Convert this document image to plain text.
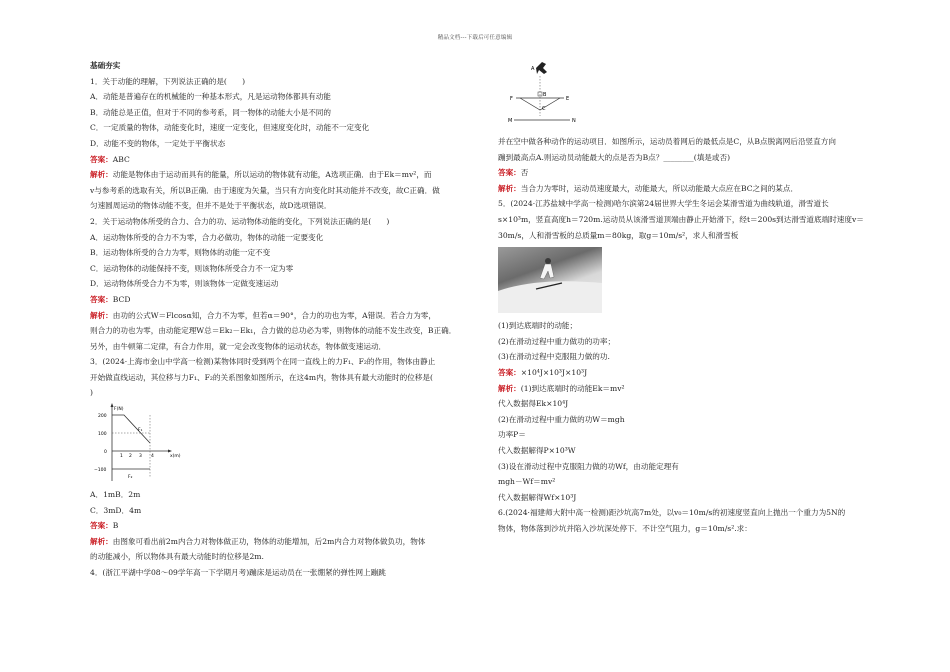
精品文档---下载后可任意编辑

基础夯实

1．关于动能的理解，下列说法正确的是(　　)

A．动能是普遍存在的机械能的一种基本形式，凡是运动物体都具有动能

B．动能总是正值，但对于不同的参考系，同一物体的动能大小是不同的

C．一定质量的物体，动能变化时，速度一定变化，但速度变化时，动能不一定变化

D．动能不变的物体，一定处于平衡状态

答案：ABC

解析：动能是物体由于运动而具有的能量，所以运动的物体就有动能，A选项正确．由于Ek＝mv²，而

v与参考系的选取有关，所以B正确．由于速度为矢量，当只有方向变化时其动能并不改变，故C正确．做

匀速圆周运动的物体动能不变，但并不是处于平衡状态，故D选项错误．

2．关于运动物体所受的合力、合力的功、运动物体动能的变化，下列说法正确的是(　　)

A．运动物体所受的合力不为零，合力必做功，物体的动能一定要变化

B．运动物体所受的合力为零，则物体的动能一定不变

C．运动物体的动能保持不变，则该物体所受合力不一定为零

D．运动物体所受合力不为零，则该物体一定做变速运动

答案：BCD

解析：由功的公式W＝Flcosα知，合力不为零，但若α＝90°，合力的功也为零，A错误．若合力为零，

则合力的功也为零，由动能定理W总＝Ek₂－Ek₁，合力做的总功必为零，则物体的动能不发生改变，B正确．

另外，由牛顿第二定律，有合力作用，就一定会改变物体的运动状态，物体做变速运动．

3．(2024·上海市金山中学高一检测)某物体同时受到两个在同一直线上的力F₁、F₂的作用，物体由静止

开始做直线运动，其位移与力F₁、F₂的关系图象如图所示，在这4m内，物体具有最大动能时的位移是(

)

F(N)
x(m)
200
100
0
−100
1 2 3 4
F₁
F₂

A．1mB．2m

C．3mD．4m

答案：B

解析：由图象可看出前2m内合力对物体做正功，物体的动能增加，后2m内合力对物体做负功，物体

的动能减小，所以物体具有最大动能时的位移是2m.

4．(浙江平湖中学08～09学年高一下学期月考)蹦床是运动员在一张绷紧的弹性网上蹦跳

A
B
C
E
F
M	N

并在空中做各种动作的运动项目．如图所示，运动员着网后的最低点是C，从B点脱离网后沿竖直方向

蹦到最高点A.则运动员动能最大的点是否为B点？________(填是或否)

答案：否

解析：当合力为零时，运动员速度最大，动能最大，所以动能最大点应在BC之间的某点．

5．(2024·江苏盐城中学高一检测)哈尔滨第24届世界大学生冬运会某滑雪道为曲线轨道，滑雪道长

s×10³m，竖直高度h＝720m.运动员从该滑雪道顶端由静止开始滑下，经t＝200s到达滑雪道底端时速度v＝

30m/s，人和滑雪板的总质量m＝80kg，取g＝10m/s²，求人和滑雪板

(1)到达底端时的动能；

(2)在滑动过程中重力做功的功率；

(3)在滑动过程中克服阻力做的功.

答案：×10⁴J×10³J×10³J

解析：(1)到达底端时的动能Ek＝mv²

代入数据得Ek×10⁴J

(2)在滑动过程中重力做的功W＝mgh

功率P＝

代入数据解得P×10³W

(3)设在滑动过程中克服阻力做的功Wf，由动能定理有

mgh－Wf＝mv²

代入数据解得Wf×10³J

6.(2024·福建师大附中高一检测)距沙坑高7m处，以v₀＝10m/s的初速度竖直向上抛出一个重力为5N的

物体，物体落到沙坑并陷入沙坑深处停下．不计空气阻力，g＝10m/s².求：
